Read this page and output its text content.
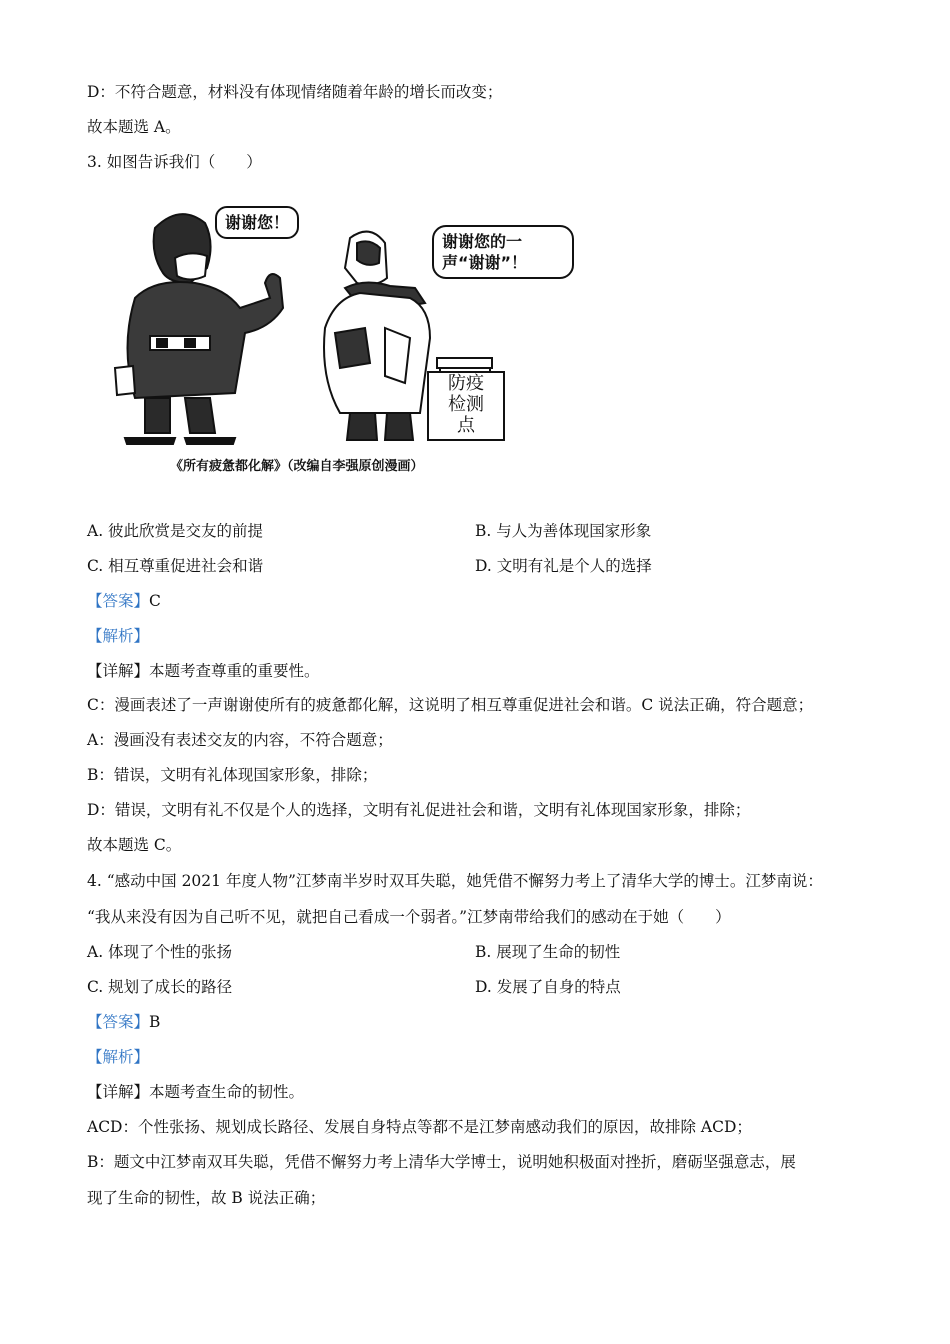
D：不符合题意，材料没有体现情绪随着年龄的增长而改变；
故本题选 A。
3. 如图告诉我们（　　）
谢谢您！
谢谢您的一
声“谢谢”！
防疫
检测
点
《所有疲惫都化解》（改编自李强原创漫画）
A. 彼此欣赏是交友的前提	B. 与人为善体现国家形象
C. 相互尊重促进社会和谐	D. 文明有礼是个人的选择
【答案】C
【解析】
【详解】本题考查尊重的重要性。
C：漫画表述了一声谢谢使所有的疲惫都化解，这说明了相互尊重促进社会和谐。C 说法正确，符合题意；
A：漫画没有表述交友的内容，不符合题意；
B：错误，文明有礼体现国家形象，排除；
D：错误，文明有礼不仅是个人的选择，文明有礼促进社会和谐，文明有礼体现国家形象，排除；
故本题选 C。
4. “感动中国 2021 年度人物”江梦南半岁时双耳失聪，她凭借不懈努力考上了清华大学的博士。江梦南说：
“我从来没有因为自己听不见，就把自己看成一个弱者。”江梦南带给我们的感动在于她（　　）
A. 体现了个性的张扬	B. 展现了生命的韧性
C. 规划了成长的路径	D. 发展了自身的特点
【答案】B
【解析】
【详解】本题考查生命的韧性。
ACD：个性张扬、规划成长路径、发展自身特点等都不是江梦南感动我们的原因，故排除 ACD；
B：题文中江梦南双耳失聪，凭借不懈努力考上清华大学博士，说明她积极面对挫折，磨砺坚强意志，展
现了生命的韧性，故 B 说法正确；
